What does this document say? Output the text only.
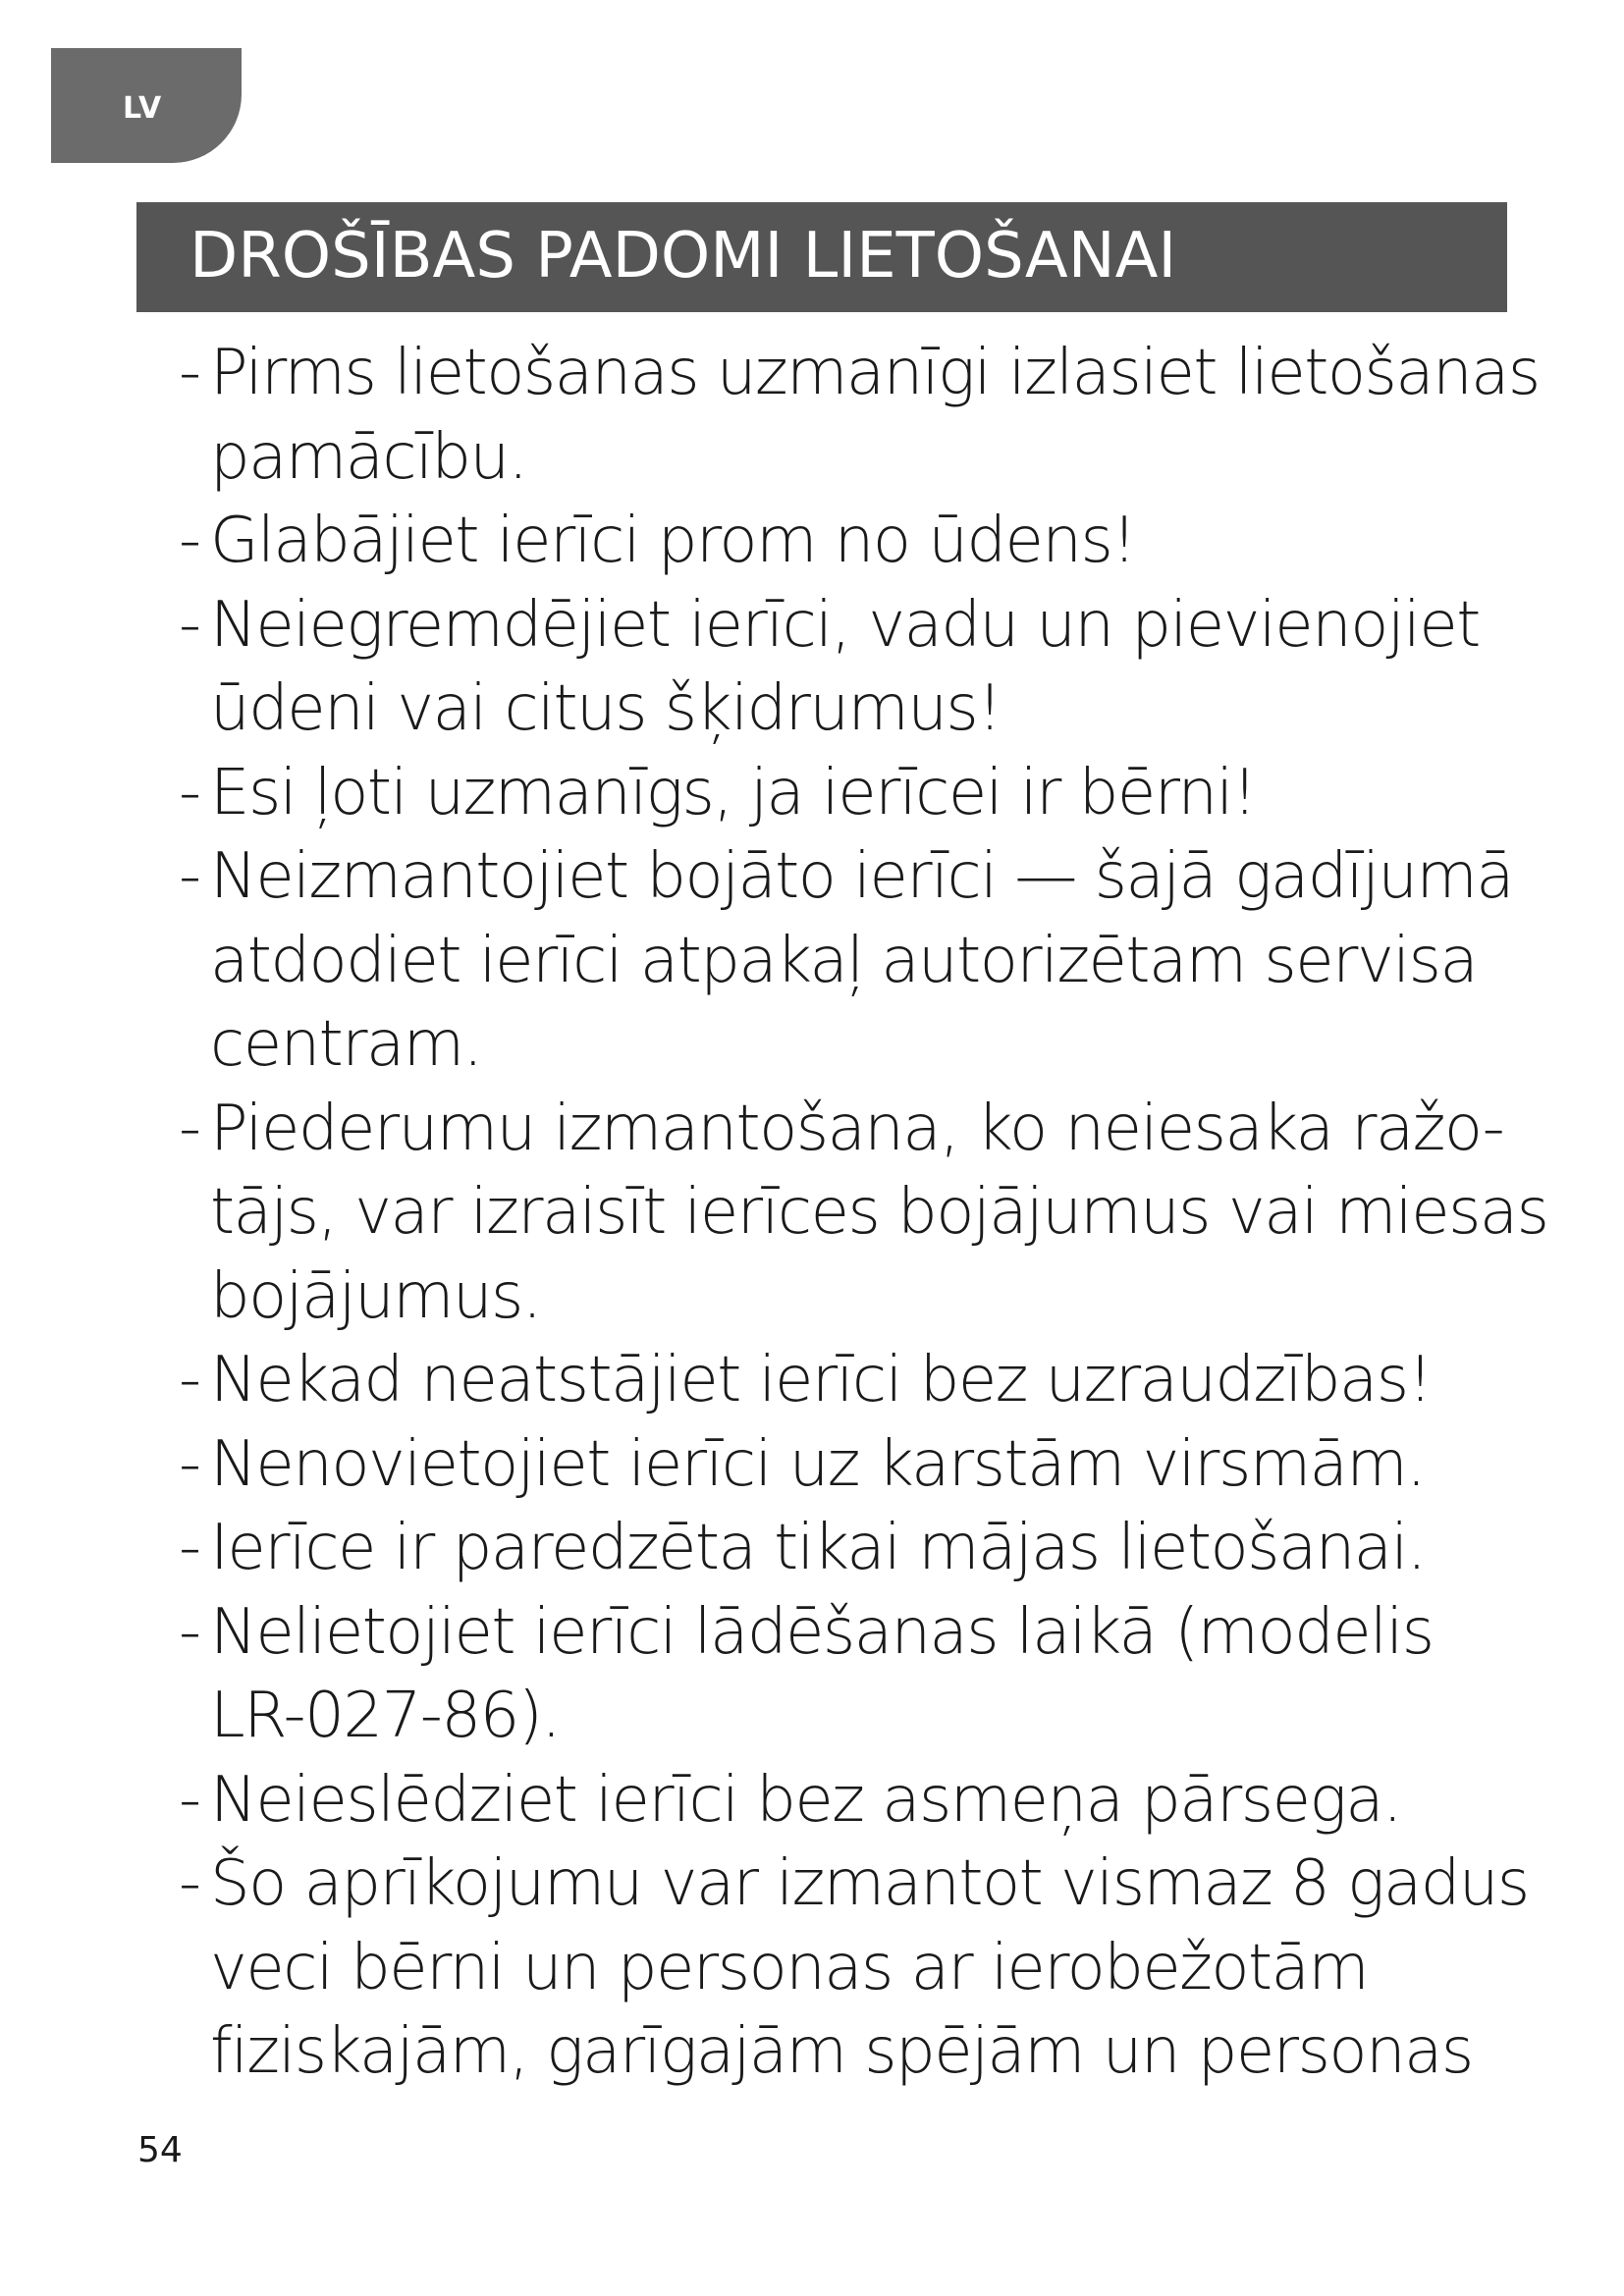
LV
DROŠĪBAS PADOMI LIETOŠANAI
- Pirms lietošanas uzmanīgi izlasiet lietošanas
pamācību.
- Glabājiet ierīci prom no ūdens!
- Neiegremdējiet ierīci, vadu un pievienojiet
ūdeni vai citus šķidrumus!
- Esi ļoti uzmanīgs, ja ierīcei ir bērni!
- Neizmantojiet bojāto ierīci — šajā gadījumā
atdodiet ierīci atpakaļ autorizētam servisa
centram.
- Piederumu izmantošana, ko neiesaka ražo-
tājs, var izraisīt ierīces bojājumus vai miesas
bojājumus.
- Nekad neatstājiet ierīci bez uzraudzības!
- Nenovietojiet ierīci uz karstām virsmām.
- Ierīce ir paredzēta tikai mājas lietošanai.
- Nelietojiet ierīci lādēšanas laikā (modelis
LR-027-86).
- Neieslēdziet ierīci bez asmeņa pārsega.
- Šo aprīkojumu var izmantot vismaz 8 gadus
veci bērni un personas ar ierobežotām
fiziskajām, garīgajām spējām un personas
54
